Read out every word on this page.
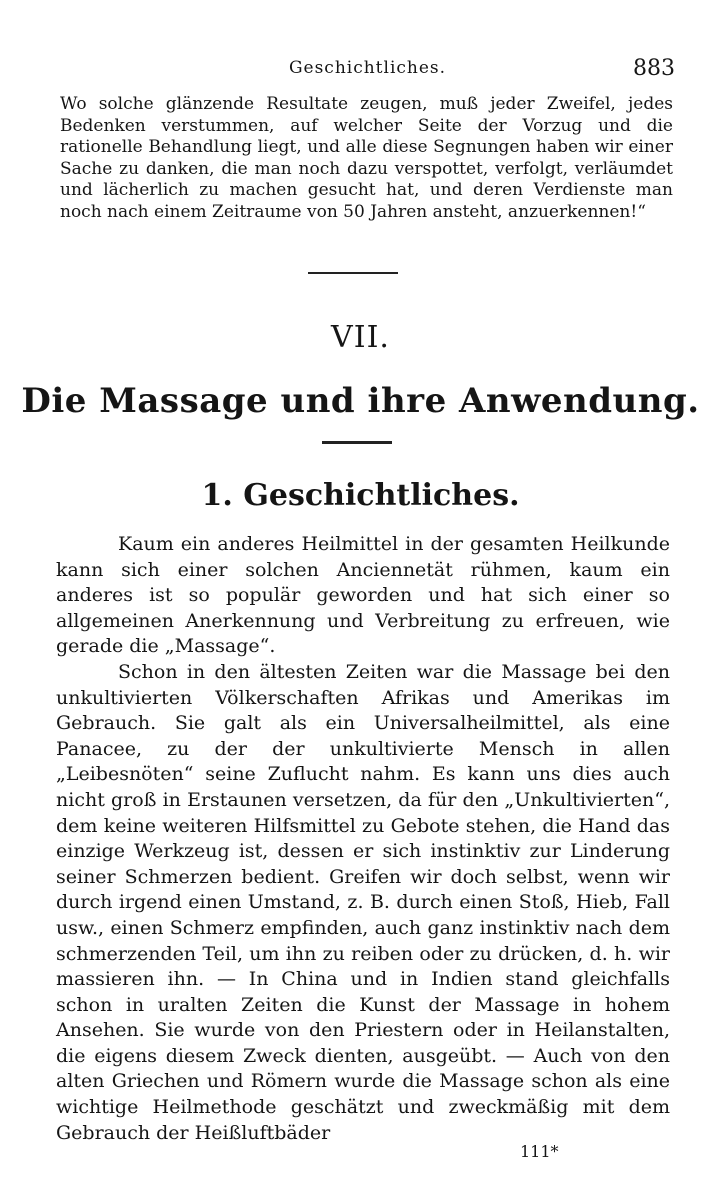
Geschichtliches.	883

Wo solche glänzende Resultate zeugen, muß jeder Zweifel, jedes Bedenken verstummen, auf welcher Seite der Vorzug und die rationelle Behandlung liegt, und alle diese Segnungen haben wir einer Sache zu danken, die man noch dazu verspottet, verfolgt, verläumdet und lächerlich zu machen gesucht hat, und deren Verdienste man noch nach einem Zeitraume von 50 Jahren ansteht, anzuerkennen!“

VII.
Die Massage und ihre Anwendung.
1. Geschichtliches.

Kaum ein anderes Heilmittel in der gesamten Heilkunde kann sich einer solchen Anciennetät rühmen, kaum ein anderes ist so populär geworden und hat sich einer so allgemeinen Anerkennung und Verbreitung zu erfreuen, wie gerade die „Massage“.

Schon in den ältesten Zeiten war die Massage bei den unkultivierten Völkerschaften Afrikas und Amerikas im Gebrauch. Sie galt als ein Universalheilmittel, als eine Panacee, zu der der unkultivierte Mensch in allen „Leibesnöten“ seine Zuflucht nahm. Es kann uns dies auch nicht groß in Erstaunen versetzen, da für den „Unkultivierten“, dem keine weiteren Hilfsmittel zu Gebote stehen, die Hand das einzige Werkzeug ist, dessen er sich instinktiv zur Linderung seiner Schmerzen bedient. Greifen wir doch selbst, wenn wir durch irgend einen Umstand, z. B. durch einen Stoß, Hieb, Fall usw., einen Schmerz empfinden, auch ganz instinktiv nach dem schmerzenden Teil, um ihn zu reiben oder zu drücken, d. h. wir massieren ihn. — In China und in Indien stand gleichfalls schon in uralten Zeiten die Kunst der Massage in hohem Ansehen. Sie wurde von den Priestern oder in Heilanstalten, die eigens diesem Zweck dienten, ausgeübt. — Auch von den alten Griechen und Römern wurde die Massage schon als eine wichtige Heilmethode geschätzt und zweckmäßig mit dem Gebrauch der Heißluftbäder

111*
